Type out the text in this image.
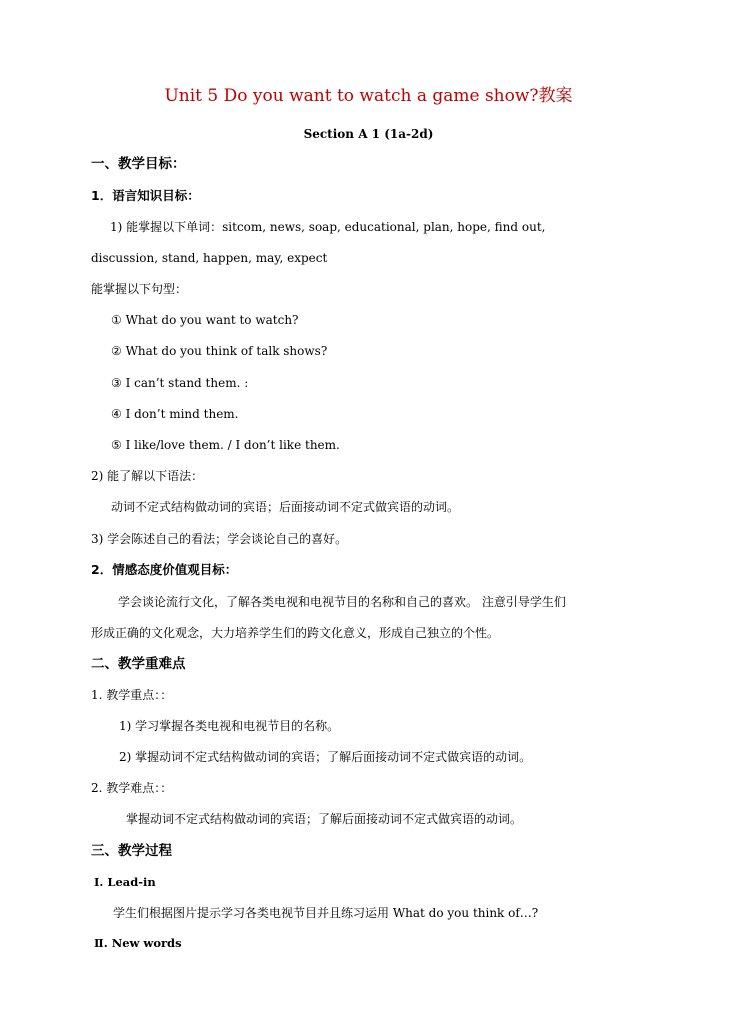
Unit 5 Do you want to watch a game show?教案
Section A 1 (1a-2d)
一、教学目标：
1．语言知识目标：
1) 能掌握以下单词：sitcom, news, soap, educational, plan, hope, find out,
discussion, stand, happen, may, expect
能掌握以下句型：
① What do you want to watch?
② What do you think of talk shows?
③ I can’t stand them. :
④ I don’t mind them.
⑤ I like/love them. / I don’t like them.
2) 能了解以下语法：
动词不定式结构做动词的宾语；后面接动词不定式做宾语的动词。
3) 学会陈述自己的看法；学会谈论自己的喜好。
2．情感态度价值观目标：
学会谈论流行文化，了解各类电视和电视节目的名称和自己的喜欢。 注意引导学生们
形成正确的文化观念，大力培养学生们的跨文化意义，形成自己独立的个性。
二、教学重难点
1. 教学重点：：
1) 学习掌握各类电视和电视节目的名称。
2) 掌握动词不定式结构做动词的宾语；了解后面接动词不定式做宾语的动词。
2. 教学难点：：
掌握动词不定式结构做动词的宾语；了解后面接动词不定式做宾语的动词。
三、教学过程
Ⅰ. Lead-in
学生们根据图片提示学习各类电视节目并且练习运用 What do you think of…?
Ⅱ. New words
